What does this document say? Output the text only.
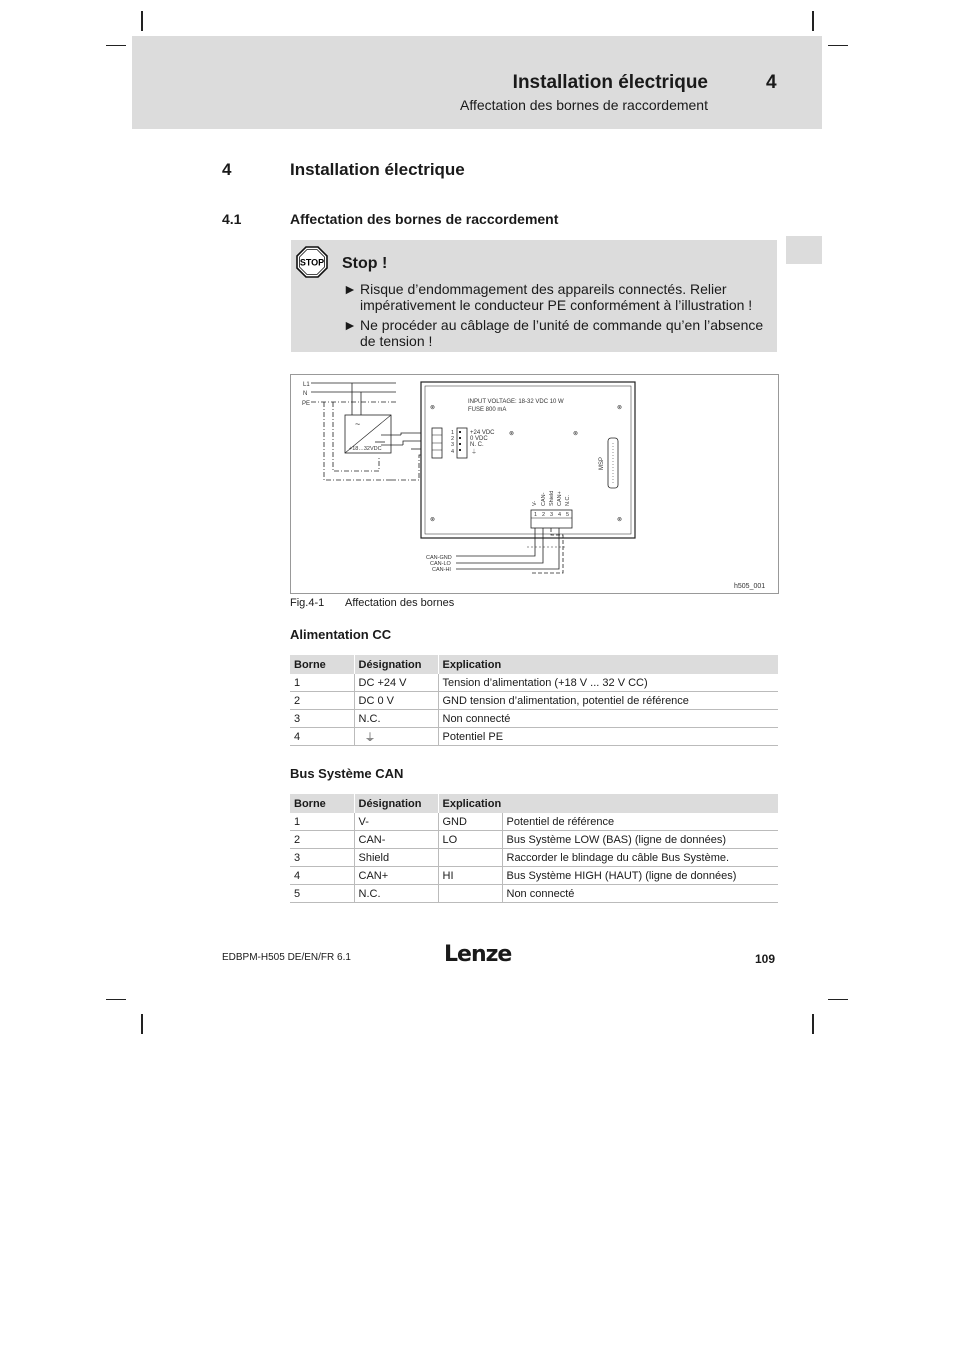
Installation électrique	4
Affectation des bornes de raccordement
4	Installation électrique
4.1	Affectation des bornes de raccordement
STOP Stop !
► Risque d’endommagement des appareils connectés. Relier impérativement le conducteur PE conformément à l’illustration !
► Ne procéder au câblage de l’unité de commande qu’en l’absence de tension !
L1
N
PE
~
+18…32VDC
⊗	⊗
⊗	⊗
⊗	⊗
INPUT VOLTAGE: 18-32 VDC 10 W
FUSE 800 mA
1
2
3
4
+24 VDC
0 VDC
N. C.
⏚
MSP
V- CAN- Shield CAN+ N.C.
1 2 3 4 5
CAN-GND
CAN-LO
CAN-HI
h505_001
Fig.4-1 Affectation des bornes
Alimentation CC
Borne	Désignation	Explication
1	DC +24 V	Tension d’alimentation (+18 V ... 32 V CC)
2	DC 0 V	GND tension d’alimentation, potentiel de référence
3	N.C.	Non connecté
4	⏚	Potentiel PE
Bus Système CAN
Borne	Désignation	Explication	
1	V-	GND	Potentiel de référence
2	CAN-	LO	Bus Système LOW (BAS) (ligne de données)
3	Shield		Raccorder le blindage du câble Bus Système.
4	CAN+	HI	Bus Système HIGH (HAUT) (ligne de données)
5	N.C.		Non connecté
EDBPM-H505 DE/EN/FR 6.1	Lenze	109
